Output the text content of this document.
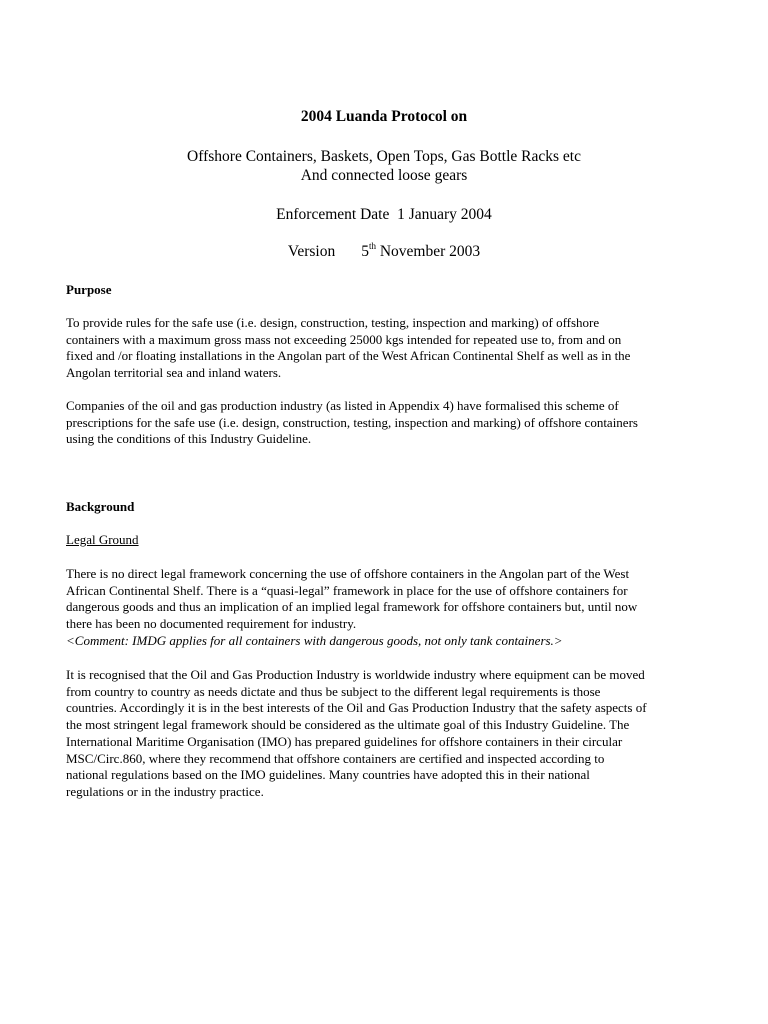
2004 Luanda Protocol on
Offshore Containers, Baskets, Open Tops, Gas Bottle Racks etc
And connected loose gears
Enforcement Date  1 January 2004
Version 5th November 2003
Purpose
To provide rules for the safe use (i.e. design, construction, testing, inspection and marking) of offshore
containers with a maximum gross mass not exceeding 25000 kgs intended for repeated use to, from and on
fixed and /or floating installations in the Angolan part of the West African Continental Shelf as well as in the
Angolan territorial sea and inland waters.
Companies of the oil and gas production industry (as listed in Appendix 4) have formalised this scheme of
prescriptions for the safe use (i.e. design, construction, testing, inspection and marking) of offshore containers
using the conditions of this Industry Guideline.
Background
Legal Ground
There is no direct legal framework concerning the use of offshore containers in the Angolan part of the West
African Continental Shelf. There is a “quasi-legal” framework in place for the use of offshore containers for
dangerous goods and thus an implication of an implied legal framework for offshore containers but, until now
there has been no documented requirement for industry.
<Comment: IMDG applies for all containers with dangerous goods, not only tank containers.>
It is recognised that the Oil and Gas Production Industry is worldwide industry where equipment can be moved
from country to country as needs dictate and thus be subject to the different legal requirements is those
countries. Accordingly it is in the best interests of the Oil and Gas Production Industry that the safety aspects of
the most stringent legal framework should be considered as the ultimate goal of this Industry Guideline. The
International Maritime Organisation (IMO) has prepared guidelines for offshore containers in their circular
MSC/Circ.860, where they recommend that offshore containers are certified and inspected according to
national regulations based on the IMO guidelines. Many countries have adopted this in their national
regulations or in the industry practice.
